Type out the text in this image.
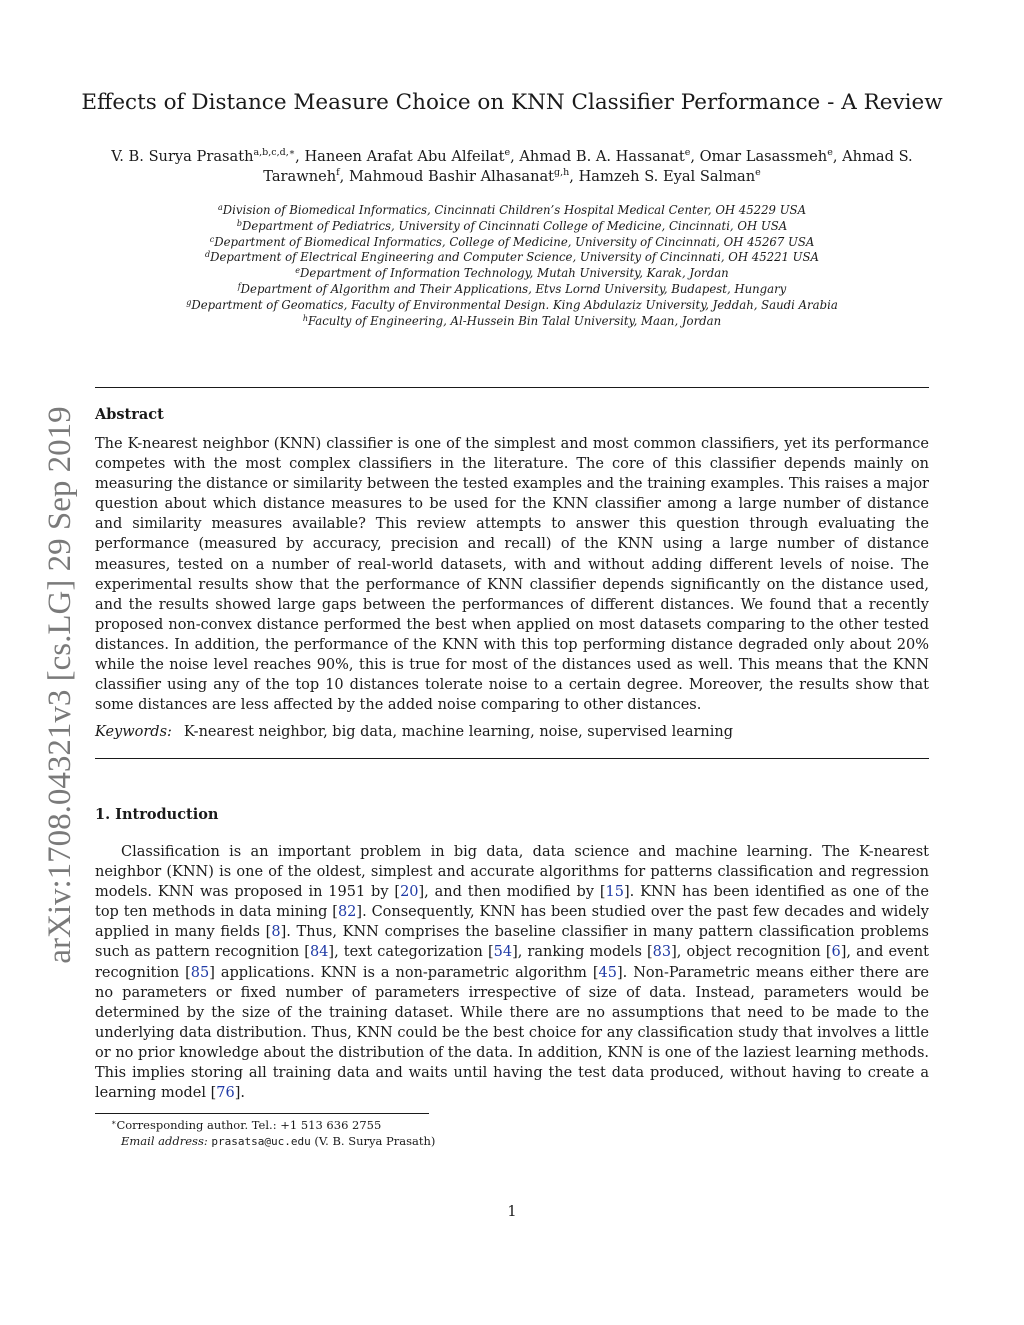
arXiv:1708.04321v3 [cs.LG] 29 Sep 2019
Effects of Distance Measure Choice on KNN Classifier Performance - A Review
V. B. Surya Prasath$^{a,b,c,d,∗}$, Haneen Arafat Abu Alfeilat$^e$, Ahmad B. A. Hassanat$^e$, Omar Lasassmeh$^e$, Ahmad S. Tarawneh$^f$, Mahmoud Bashir Alhasanat$^{g,h}$, Hamzeh S. Eyal Salman$^e$
$^a$Division of Biomedical Informatics, Cincinnati Children’s Hospital Medical Center, OH 45229 USA
$^b$Department of Pediatrics, University of Cincinnati College of Medicine, Cincinnati, OH USA
$^c$Department of Biomedical Informatics, College of Medicine, University of Cincinnati, OH 45267 USA
$^d$Department of Electrical Engineering and Computer Science, University of Cincinnati, OH 45221 USA
$^e$Department of Information Technology, Mutah University, Karak, Jordan
$^f$Department of Algorithm and Their Applications, Etvs Lornd University, Budapest, Hungary
$^g$Department of Geomatics, Faculty of Environmental Design. King Abdulaziz University, Jeddah, Saudi Arabia
$^h$Faculty of Engineering, Al-Hussein Bin Talal University, Maan, Jordan
Abstract
The K-nearest neighbor (KNN) classifier is one of the simplest and most common classifiers, yet its performance competes with the most complex classifiers in the literature. The core of this classifier depends mainly on measuring the distance or similarity between the tested examples and the training examples. This raises a major question about which distance measures to be used for the KNN classifier among a large number of distance and similarity measures available? This review attempts to answer this question through evaluating the performance (measured by accuracy, precision and recall) of the KNN using a large number of distance measures, tested on a number of real-world datasets, with and without adding different levels of noise. The experimental results show that the performance of KNN classifier depends significantly on the distance used, and the results showed large gaps between the performances of different distances. We found that a recently proposed non-convex distance performed the best when applied on most datasets comparing to the other tested distances. In addition, the performance of the KNN with this top performing distance degraded only about 20% while the noise level reaches 90%, this is true for most of the distances used as well. This means that the KNN classifier using any of the top 10 distances tolerate noise to a certain degree. Moreover, the results show that some distances are less affected by the added noise comparing to other distances.
Keywords: K-nearest neighbor, big data, machine learning, noise, supervised learning
1. Introduction
Classification is an important problem in big data, data science and machine learning. The K-nearest neighbor (KNN) is one of the oldest, simplest and accurate algorithms for patterns classification and regression models. KNN was proposed in 1951 by [20], and then modified by [15]. KNN has been identified as one of the top ten methods in data mining [82]. Consequently, KNN has been studied over the past few decades and widely applied in many fields [8]. Thus, KNN comprises the baseline classifier in many pattern classification problems such as pattern recognition [84], text categorization [54], ranking models [83], object recognition [6], and event recognition [85] applications. KNN is a non-parametric algorithm [45]. Non-Parametric means either there are no parameters or fixed number of parameters irrespective of size of data. Instead, parameters would be determined by the size of the training dataset. While there are no assumptions that need to be made to the underlying data distribution. Thus, KNN could be the best choice for any classification study that involves a little or no prior knowledge about the distribution of the data. In addition, KNN is one of the laziest learning methods. This implies storing all training data and waits until having the test data produced, without having to create a learning model [76].
∗Corresponding author. Tel.: +1 513 636 2755
Email address: prasatsa@uc.edu (V. B. Surya Prasath)
1
